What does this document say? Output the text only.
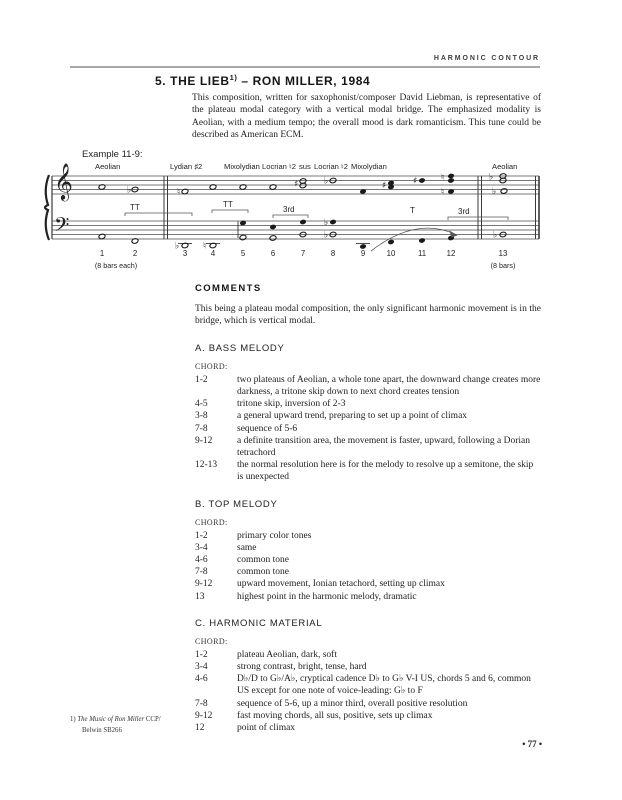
HARMONIC CONTOUR
5. THE LIEB$^{1)}$ – RON MILLER, 1984

This composition, written for saxophonist/composer David Liebman, is representative of the plateau modal category with a vertical modal bridge. The emphasized modality is Aeolian, with a medium tempo; the overall mood is dark romanticism. This tune could be described as American ECM.

Example 11-9:
Aeolian	Lydian ♯2	Mixolydian Locrian ♮2 sus Locrian ♮2 Mixolydian	Aeolian
𝄞
𝄢
♭	♮
♯	♭	♯	♯	♮
♮
♭
♭
♭	♮
♭
♭	♭
TT	TT
3rd	T	3rd
1	2	3	4	5	6	7	8	9	10	11	12	13
(8 bars each)	(8 bars)
COMMENTS

This being a plateau modal composition, the only significant harmonic movement is in the bridge, which is vertical modal.

A. BASS MELODY
CHORD:
1-2	two plateaus of Aeolian, a whole tone apart, the downward change creates more darkness, a tritone skip down to next chord creates tension
4-5	tritone skip, inversion of 2-3
3-8	a general upward trend, preparing to set up a point of climax
7-8	sequence of 5-6
9-12	a definite transition area, the movement is faster, upward, following a Dorian tetrachord
12-13	the normal resolution here is for the melody to resolve up a semitone, the skip is unexpected
B. TOP MELODY
CHORD:
1-2	primary color tones
3-4	same
4-6	common tone
7-8	common tone
9-12	upward movement, Ionian tetachord, setting up climax
13	highest point in the harmonic melody, dramatic
C. HARMONIC MATERIAL
CHORD:
1-2	plateau Aeolian, dark, soft
3-4	strong contrast, bright, tense, hard
4-6	D♭/D to G♭/A♭, cryptical cadence D♭ to G♭ V-I US, chords 5 and 6, common US except for one note of voice-leading: G♭ to F
7-8	sequence of 5-6, up a minor third, overall positive resolution
9-12	fast moving chords, all sus, positive, sets up climax
12	point of climax
1) The Music of Ron Miller CCP/
Belwin SB266
• 77 •
